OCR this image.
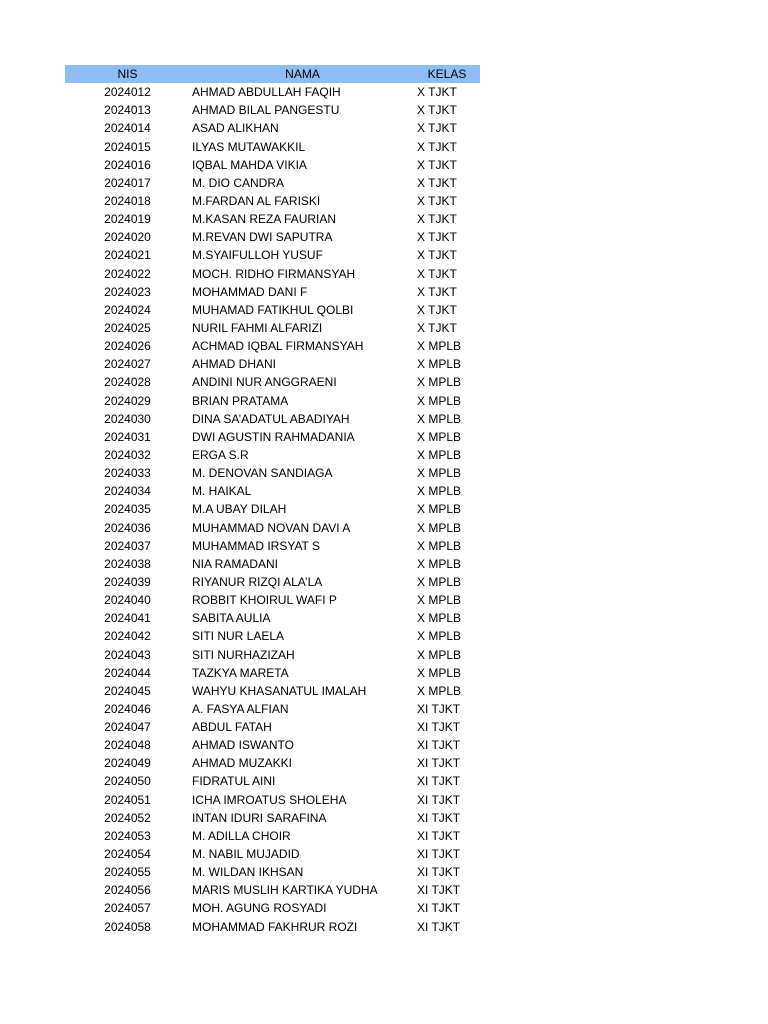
NIS	NAMA	KELAS
2024012	AHMAD ABDULLAH FAQIH	X TJKT
2024013	AHMAD BILAL PANGESTU	X TJKT
2024014	ASAD ALIKHAN	X TJKT
2024015	ILYAS MUTAWAKKIL	X TJKT
2024016	IQBAL MAHDA VIKIA	X TJKT
2024017	M. DIO CANDRA	X TJKT
2024018	M.FARDAN AL FARISKI	X TJKT
2024019	M.KASAN REZA FAURIAN	X TJKT
2024020	M.REVAN DWI SAPUTRA	X TJKT
2024021	M.SYAIFULLOH YUSUF	X TJKT
2024022	MOCH. RIDHO FIRMANSYAH	X TJKT
2024023	MOHAMMAD DANI F	X TJKT
2024024	MUHAMAD FATIKHUL QOLBI	X TJKT
2024025	NURIL FAHMI ALFARIZI	X TJKT
2024026	ACHMAD IQBAL FIRMANSYAH	X MPLB
2024027	AHMAD DHANI	X MPLB
2024028	ANDINI NUR ANGGRAENI	X MPLB
2024029	BRIAN PRATAMA	X MPLB
2024030	DINA SA’ADATUL ABADIYAH	X MPLB
2024031	DWI AGUSTIN RAHMADANIA	X MPLB
2024032	ERGA S.R	X MPLB
2024033	M. DENOVAN SANDIAGA	X MPLB
2024034	M. HAIKAL	X MPLB
2024035	M.A UBAY DILAH	X MPLB
2024036	MUHAMMAD NOVAN DAVI A	X MPLB
2024037	MUHAMMAD IRSYAT S	X MPLB
2024038	NIA RAMADANI	X MPLB
2024039	RIYANUR RIZQI ALA’LA	X MPLB
2024040	ROBBIT KHOIRUL WAFI P	X MPLB
2024041	SABITA AULIA	X MPLB
2024042	SITI NUR LAELA	X MPLB
2024043	SITI NURHAZIZAH	X MPLB
2024044	TAZKYA MARETA	X MPLB
2024045	WAHYU KHASANATUL IMALAH	X MPLB
2024046	A. FASYA ALFIAN	XI TJKT
2024047	ABDUL FATAH	XI TJKT
2024048	AHMAD ISWANTO	XI TJKT
2024049	AHMAD MUZAKKI	XI TJKT
2024050	FIDRATUL AINI	XI TJKT
2024051	ICHA IMROATUS SHOLEHA	XI TJKT
2024052	INTAN IDURI SARAFINA	XI TJKT
2024053	M. ADILLA CHOIR	XI TJKT
2024054	M. NABIL MUJADID	XI TJKT
2024055	M. WILDAN IKHSAN	XI TJKT
2024056	MARIS MUSLIH KARTIKA YUDHA	XI TJKT
2024057	MOH. AGUNG ROSYADI	XI TJKT
2024058	MOHAMMAD FAKHRUR ROZI	XI TJKT
